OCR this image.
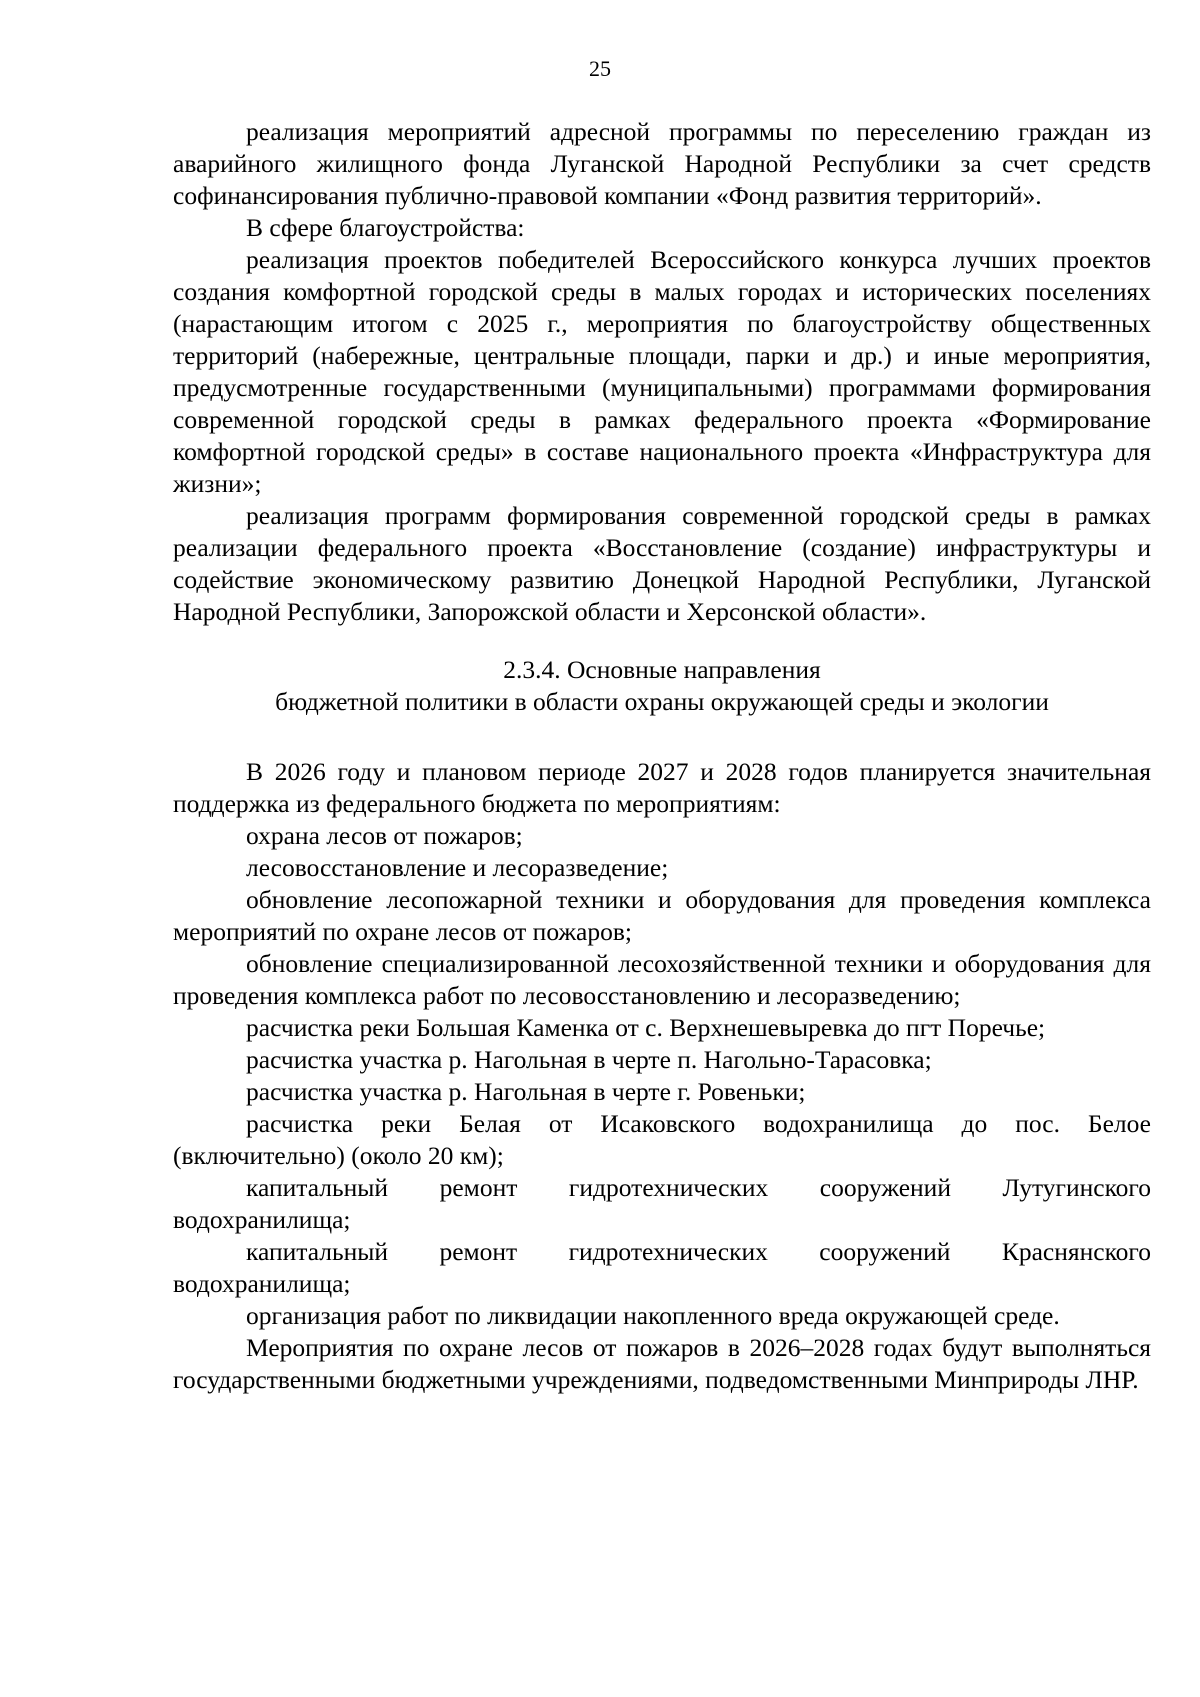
25

реализация мероприятий адресной программы по переселению граждан из аварийного жилищного фонда Луганской Народной Республики за счет средств софинансирования публично-правовой компании «Фонд развития территорий».

В сфере благоустройства:

реализация проектов победителей Всероссийского конкурса лучших проектов создания комфортной городской среды в малых городах и исторических поселениях (нарастающим итогом с 2025 г., мероприятия по благоустройству общественных территорий (набережные, центральные площади, парки и др.) и иные мероприятия, предусмотренные государственными (муниципальными) программами формирования современной городской среды в рамках федерального проекта «Формирование комфортной городской среды» в составе национального проекта «Инфраструктура для жизни»;

реализация программ формирования современной городской среды в рамках реализации федерального проекта «Восстановление (создание) инфраструктуры и содействие экономическому развитию Донецкой Народной Республики, Луганской Народной Республики, Запорожской области и Херсонской области».

2.3.4. Основные направления
бюджетной политики в области охраны окружающей среды и экологии

В 2026 году и плановом периоде 2027 и 2028 годов планируется значительная поддержка из федерального бюджета по мероприятиям:

охрана лесов от пожаров;

лесовосстановление и лесоразведение;

обновление лесопожарной техники и оборудования для проведения комплекса мероприятий по охране лесов от пожаров;

обновление специализированной лесохозяйственной техники и оборудования для проведения комплекса работ по лесовосстановлению и лесоразведению;

расчистка реки Большая Каменка от с. Верхнешевыревка до пгт Поречье;

расчистка участка р. Нагольная в черте п. Нагольно-Тарасовка;

расчистка участка р. Нагольная в черте г. Ровеньки;

расчистка реки Белая от Исаковского водохранилища до пос. Белое (включительно) (около 20 км);

капитальный ремонт гидротехнических сооружений Лутугинского водохранилища;

капитальный ремонт гидротехнических сооружений Краснянского водохранилища;

организация работ по ликвидации накопленного вреда окружающей среде.

Мероприятия по охране лесов от пожаров в 2026–2028 годах будут выполняться государственными бюджетными учреждениями, подведомственными Минприроды ЛНР.
